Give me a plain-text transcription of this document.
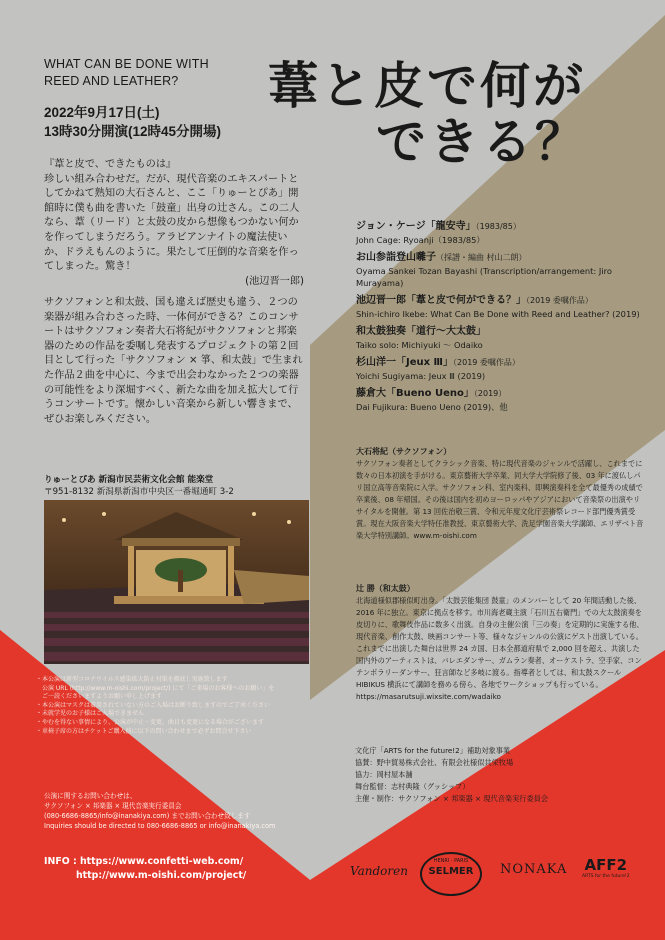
WHAT CAN BE DONE WITH
REED AND LEATHER?	葦と皮で何が
できる？
2022年9月17日(土)
13時30分開演(12時45分開場)

『葦と皮で、できたものは』

珍しい組み合わせだ。だが、現代音楽のエキスパートとしてかねて熟知の大石さんと、ここ「りゅーとぴあ」開館時に僕も曲を書いた「鼓童」出身の辻さん。この二人なら、葦（リード）と太鼓の皮から想像もつかない何かを作ってしまうだろう。アラビアンナイトの魔法使いか、ドラえもんのように。果たして圧倒的な音楽を作ってしまった。驚き！

(池辺晋一郎)

サクソフォンと和太鼓、国も違えば歴史も違う、２つの楽器が組み合わさった時、一体何ができる？このコンサートはサクソフォン奏者大石将紀がサクソフォンと邦楽器のための作品を委嘱し発表するプロジェクトの第２回目として行った「サクソフォン × 箏、和太鼓」で生まれた作品２曲を中心に、今まで出会わなかった２つの楽器の可能性をより深堀すべく、新たな曲を加え拡大して行うコンサートです。懐かしい音楽から新しい響きまで、ぜひお楽しみください。
りゅーとぴあ 新潟市民芸術文化会館 能楽堂
〒951-8132 新潟県新潟市中央区一番堀通町 3-2
・本公演は新型コロナウイルス感染拡大防止対策を徹底し実施致します
　公演 URL (http://www.m-oishi.com/project/) にて「ご来場のお客様へのお願い」を
　ご一読くださいますようお願い申し上げます
・本公演はマスクは着用されていない方のご入場はお断り致しますのでご了承ください
・未就学児のお子様はご入場できません
・やむを得ない事情により、公演が中止・変更、曲目も変更になる場合がございます
・車椅子席の方はチケットご購入前に以下の問い合わせまで必ずお問合せ下さい
公演に関するお問い合わせは、
サクソフォン × 邦楽器 × 現代音楽実行委員会
(080-6686-8865/info@inanakiya.com) までお問い合わせ致します
Inquiries should be directed to 080-6686-8865 or info@inanakiya.com
INFO : https://www.confetti-web.com/
http://www.m-oishi.com/project/
ジョン・ケージ「龍安寺」（1983/85）
John Cage: Ryoanji（1983/85）
お山参詣登山囃子（採譜・編曲 村山二朗）
Oyama Sankei Tozan Bayashi (Transcription/arrangement: Jiro Murayama)
池辺晋一郎「葦と皮で何ができる？」（2019 委嘱作品）
Shin-ichiro Ikebe: What Can Be Done with Reed and Leather? (2019)
和太鼓独奏「道行〜大太鼓」
Taiko solo: Michiyuki 〜 Odaiko
杉山洋一「Jeux Ⅲ」（2019 委嘱作品）
Yoichi Sugiyama: Jeux Ⅲ (2019)
藤倉大「Bueno Ueno」（2019）
Dai Fujikura: Bueno Ueno (2019)、他
大石将紀（サクソフォン）
サクソフォン奏者としてクラシック音楽、特に現代音楽のジャンルで活躍し、これまでに数々の日本初演を手がける。東京藝術大学卒業、同大学大学院修了後、03 年に渡仏しパリ国立高等音楽院に入学。サクソフォン科、室内楽科、即興演奏科を全て最優秀の成績で卒業後、08 年帰国。その後は国内を初めヨーロッパやアジアにおいて音楽祭の出演やリサイタルを開催。第 13 回佐治敬三賞、令和元年度文化庁芸術祭レコード部門優秀賞受賞。現在大阪音楽大学特任准教授、東京藝術大学、洗足学園音楽大学講師、エリザベト音楽大学特別講師。www.m-oishi.com
辻 勝（和太鼓）
北海道様似郡様似町出身。「太鼓芸能集団 鼓童」のメンバーとして 20 年間活動した後、2016 年に独立。東京に拠点を移す。市川海老蔵主演「石川五右衛門」での大太鼓演奏を皮切りに、歌舞伎作品に数多く出演。自身の主催公演「三の奏」を定期的に実施する他、現代音楽、創作太鼓、映画コンサート等、様々なジャンルの公演にゲスト出演している。これまでに出演した舞台は世界 24 カ国、日本全都道府県で 2,000 回を超え、共演した国内外のアーティストは、バレエダンサー、ガムラン奏者、オーケストラ、空手家、コンテンポラリーダンサー、狂言師など多岐に渡る。指導者としては、和太鼓スクール HIBIKUS 横浜にて講師を務める傍ら、各地でワークショップも行っている。https://masarutsuji.wixsite.com/wadaiko
文化庁「ARTS for the future!2」補助対象事業
協賛：野中貿易株式会社、有限会社様似共栄牧場
協力：岡村屋本舗
舞台監督：志村典隆（グッシップ）
主催・制作：サクソフォン × 邦楽器 × 現代音楽実行委員会
Vandoren
HENRI · PARIS
SELMER	NONAKA AFF2
ARTS for the future!2
